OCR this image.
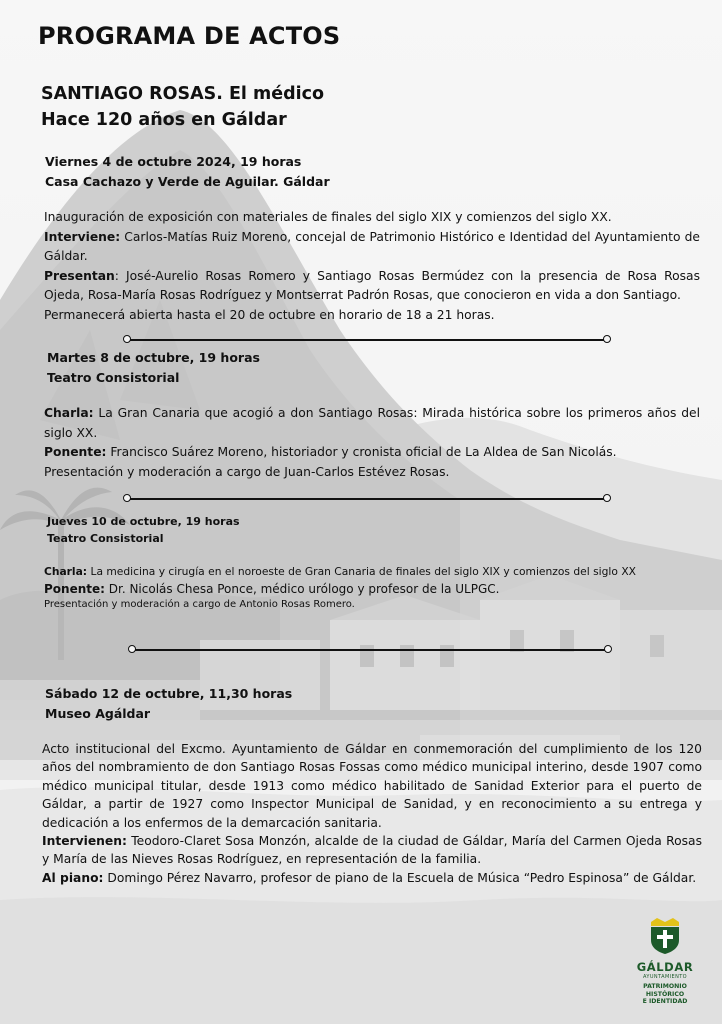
PROGRAMA DE ACTOS
SANTIAGO ROSAS. El médico
Hace 120 años en Gáldar
Viernes 4 de octubre 2024, 19 horas
Casa Cachazo y Verde de Aguilar. Gáldar

Inauguración de exposición con materiales de finales del siglo XIX y comienzos del siglo XX.

Interviene: Carlos-Matías Ruiz Moreno, concejal de Patrimonio Histórico e Identidad del Ayuntamiento de Gáldar.

Presentan: José-Aurelio Rosas Romero y Santiago Rosas Bermúdez con la presencia de Rosa Rosas Ojeda, Rosa-María Rosas Rodríguez y Montserrat Padrón Rosas, que conocieron en vida a don Santiago.

Permanecerá abierta hasta el 20 de octubre en horario de 18 a 21 horas.

Martes 8 de octubre, 19 horas
Teatro Consistorial

Charla: La Gran Canaria que acogió a don Santiago Rosas: Mirada histórica sobre los primeros años del siglo XX.

Ponente: Francisco Suárez Moreno, historiador y cronista oficial de La Aldea de San Nicolás.

Presentación y moderación a cargo de Juan-Carlos Estévez Rosas.

Jueves 10 de octubre, 19 horas
Teatro Consistorial

Charla: La medicina y cirugía en el noroeste de Gran Canaria de finales del siglo XIX y comienzos del siglo XX

Ponente: Dr. Nicolás Chesa Ponce, médico urólogo y profesor de la ULPGC.

Presentación y moderación a cargo de Antonio Rosas Romero.

Sábado 12 de octubre, 11,30 horas
Museo Agáldar

Acto institucional del Excmo. Ayuntamiento de Gáldar en conmemoración del cumplimiento de los 120 años del nombramiento de don Santiago Rosas Fossas como médico municipal interino, desde 1907 como médico municipal titular, desde 1913 como médico habilitado de Sanidad Exterior para el puerto de Gáldar, a partir de 1927 como Inspector Municipal de Sanidad, y en reconocimiento a su entrega y dedicación a los enfermos de la demarcación sanitaria.

Intervienen: Teodoro-Claret Sosa Monzón, alcalde de la ciudad de Gáldar, María del Carmen Ojeda Rosas y María de las Nieves Rosas Rodríguez, en representación de la familia.

Al piano: Domingo Pérez Navarro, profesor de piano de la Escuela de Música “Pedro Espinosa” de Gáldar.

GÁLDAR
AYUNTAMIENTO
PATRIMONIO
HISTÓRICO
E IDENTIDAD
